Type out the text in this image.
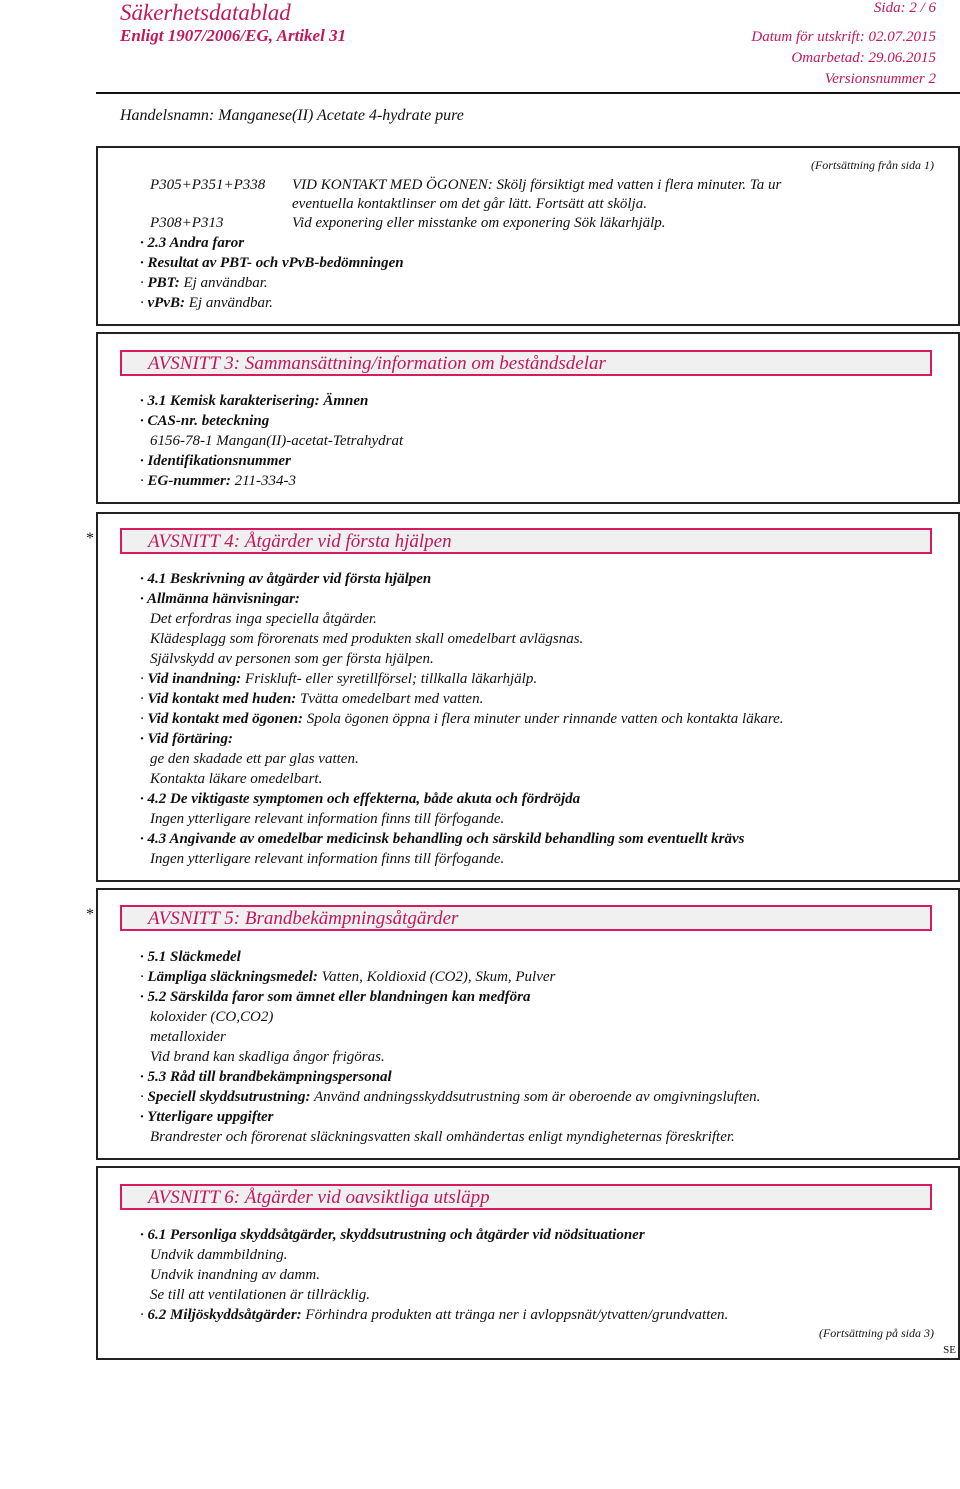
Säkerhetsdatablad
Enligt 1907/2006/EG, Artikel 31
Sida: 2 / 6
Datum för utskrift: 02.07.2015
Omarbetad: 29.06.2015
Versionsnummer 2
Handelsnamn: Manganese(II) Acetate 4-hydrate pure
(Fortsättning från sida 1)
P305+P351+P338 VID KONTAKT MED ÖGONEN: Skölj försiktigt med vatten i flera minuter. Ta ur
eventuella kontaktlinser om det går lätt. Fortsätt att skölja.
P308+P313	Vid exponering eller misstanke om exponering Sök läkarhjälp.
· 2.3 Andra faror
· Resultat av PBT- och vPvB-bedömningen
· PBT: Ej användbar.
· vPvB: Ej användbar.
AVSNITT 3: Sammansättning/information om beståndsdelar
· 3.1 Kemisk karakterisering: Ämnen
· CAS-nr. beteckning
6156-78-1 Mangan(II)-acetat-Tetrahydrat
· Identifikationsnummer
· EG-nummer: 211-334-3
*	AVSNITT 4: Åtgärder vid första hjälpen
· 4.1 Beskrivning av åtgärder vid första hjälpen
· Allmänna hänvisningar:
Det erfordras inga speciella åtgärder.
Klädesplagg som förorenats med produkten skall omedelbart avlägsnas.
Självskydd av personen som ger första hjälpen.
· Vid inandning: Friskluft- eller syretillförsel; tillkalla läkarhjälp.
· Vid kontakt med huden: Tvätta omedelbart med vatten.
· Vid kontakt med ögonen: Spola ögonen öppna i flera minuter under rinnande vatten och kontakta läkare.
· Vid förtäring:
ge den skadade ett par glas vatten.
Kontakta läkare omedelbart.
· 4.2 De viktigaste symptomen och effekterna, både akuta och fördröjda
Ingen ytterligare relevant information finns till förfogande.
· 4.3 Angivande av omedelbar medicinsk behandling och särskild behandling som eventuellt krävs
Ingen ytterligare relevant information finns till förfogande.
*	AVSNITT 5: Brandbekämpningsåtgärder
· 5.1 Släckmedel
· Lämpliga släckningsmedel: Vatten, Koldioxid (CO2), Skum, Pulver
· 5.2 Särskilda faror som ämnet eller blandningen kan medföra
koloxider (CO,CO2)
metalloxider
Vid brand kan skadliga ångor frigöras.
· 5.3 Råd till brandbekämpningspersonal
· Speciell skyddsutrustning: Använd andningsskyddsutrustning som är oberoende av omgivningsluften.
· Ytterligare uppgifter
Brandrester och förorenat släckningsvatten skall omhändertas enligt myndigheternas föreskrifter.
AVSNITT 6: Åtgärder vid oavsiktliga utsläpp
· 6.1 Personliga skyddsåtgärder, skyddsutrustning och åtgärder vid nödsituationer
Undvik dammbildning.
Undvik inandning av damm.
Se till att ventilationen är tillräcklig.
· 6.2 Miljöskyddsåtgärder: Förhindra produkten att tränga ner i avloppsnät/ytvatten/grundvatten.
(Fortsättning på sida 3)
SE
